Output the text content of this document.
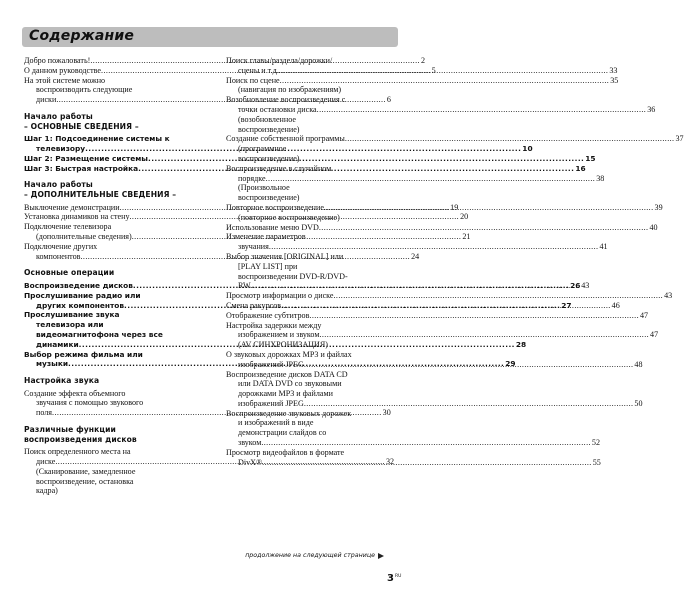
Содержание
Добро пожаловать! .....	2
О данном руководстве .....	5
На этой системе можно
воспроизводить следующие
диски .....	6
Начало работы
– ОСНОВНЫЕ СВЕДЕНИЯ –
Шаг 1: Подсоединение системы к
телевизору .....	10
Шаг 2: Размещение системы .....	15
Шаг 3: Быстрая настройка .....	16
Начало работы
– ДОПОЛНИТЕЛЬНЫЕ СВЕДЕНИЯ –
Выключение демонстрации .....	19
Установка динамиков на стену .....	20
Подключение телевизора
(дополнительные сведения) .....	21
Подключение других
компонентов .....	24
Основные операции
Воспроизведение дисков .....	26
Прослушивание радио или
других компонентов .....	27
Прослушивание звука
телевизора или
видеомагнитофона через все
динамики .....	28
Выбор режима фильма или
музыки .....	29
Настройка звука
Создание эффекта объемного
звучания с помощью звукового
поля .....	30
Различные функции
воспроизведения дисков
Поиск определенного места на
диске .....	32
(Сканирование, замедленное
воспроизведение, остановка
кадра)
Поиск главы/раздела/дорожки/
сцены и т.д. .....	33
Поиск по сцене .....	35
(навигация по изображениям)
Возобновление воспроизведения с
точки остановки диска .....	36
(возобновленное
воспроизведение)
Создание собственной программы .....	37
(программное
воспроизведение)
Воспроизведение в случайном
порядке .....	38
(Произвольное
воспроизведение)
Повторное воспроизведение .....	39
(повторное воспроизведение)
Использование меню DVD .....	40
Изменение параметров
звучания .....	41
Выбор значения [ORIGINAL] или
[PLAY LIST] при
воспроизведении DVD-R/DVD-
RW .....	43
Просмотр информации о диске .....	43
Смена ракурсов .....	46
Отображение субтитров .....	47
Настройка задержки между
изображением и звуком .....	47
(AV СИНХРОНИЗАЦИЯ)
О звуковых дорожках MP3 и файлах
изображений JPEG .....	48
Воспроизведение дисков DATA CD
или DATA DVD со звуковыми
дорожками MP3 и файлами
изображений JPEG .....	50
Воспроизведение звуковых дорожек
и изображений в виде
демонстрации слайдов со
звуком .....	52
Просмотр видеофайлов в формате
DivX® .....	55
продолжение на следующей странице
$3^{RU}$
